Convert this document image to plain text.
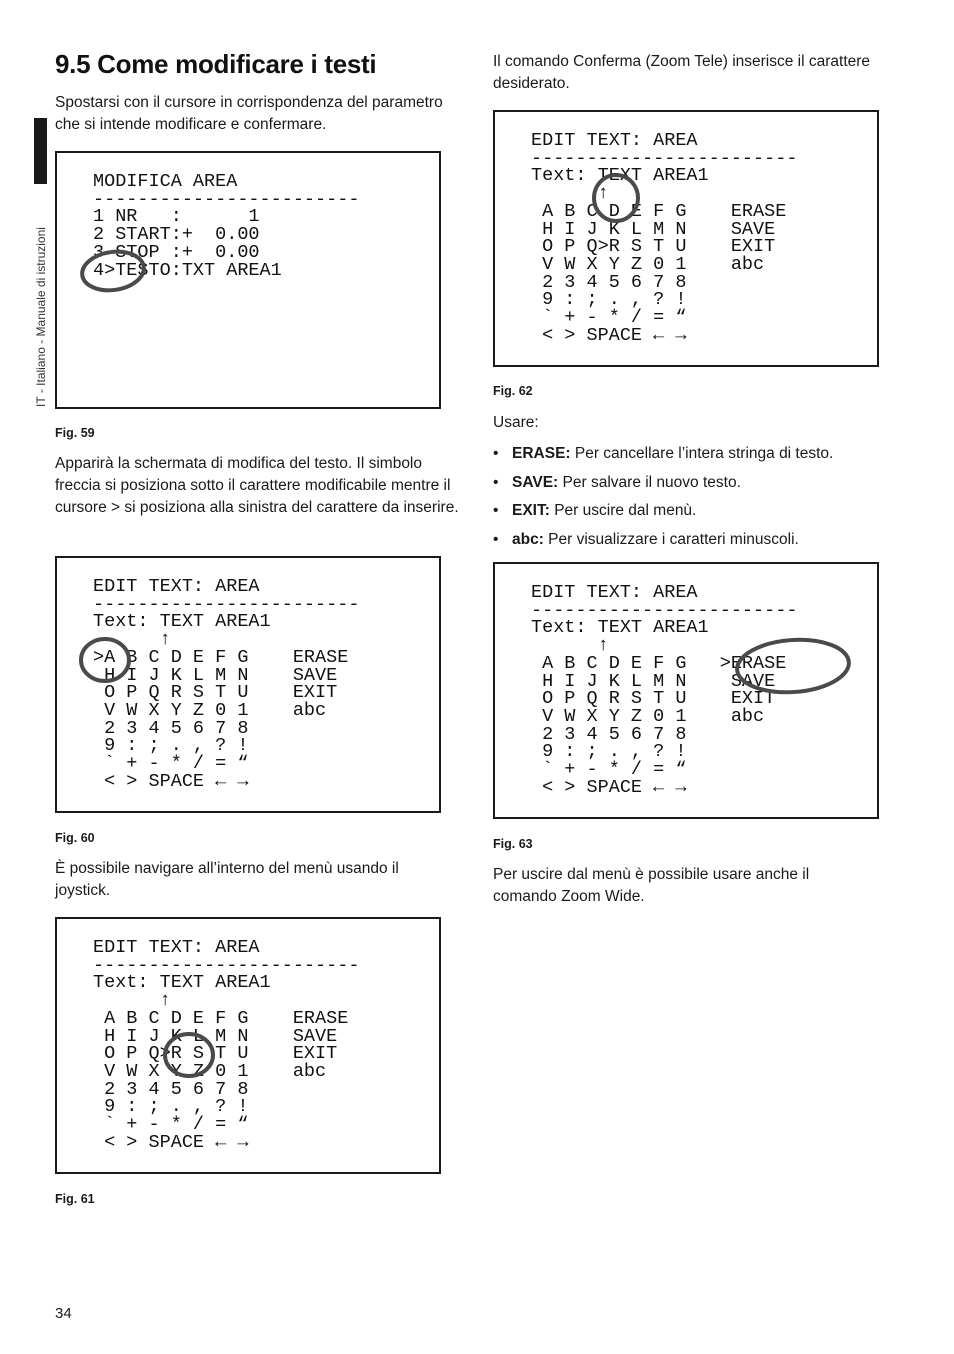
IT - Italiano - Manuale di istruzioni
9.5 Come modificare i testi

Spostarsi con il cursore in corrispondenza del parametro che si intende modificare e confermare.

MODIFICA AREA
------------------------
1 NR   :      1
2 START:+  0.00
3 STOP :+  0.00
4>TESTO:TXT AREA1
Fig. 59

Apparirà la schermata di modifica del testo. Il simbolo freccia si posiziona sotto il carattere modificabile mentre il cursore > si posiziona alla sinistra del carattere da inserire.

EDIT TEXT: AREA
------------------------
Text: TEXT AREA1
↑
>A B C D E F G    ERASE
H I J K L M N    SAVE
O P Q R S T U    EXIT
V W X Y Z 0 1    abc
2 3 4 5 6 7 8
9 : ; . , ? !
` + - * / = “
< > SPACE ← →
Fig. 60

È possibile navigare all’interno del menù usando il joystick.

EDIT TEXT: AREA
------------------------
Text: TEXT AREA1
↑
A B C D E F G    ERASE
H I J K L M N    SAVE
O P Q>R S T U    EXIT
V W X Y Z 0 1    abc
2 3 4 5 6 7 8
9 : ; . , ? !
` + - * / = “
< > SPACE ← →
Fig. 61

Il comando Conferma (Zoom Tele) inserisce il carattere desiderato.

EDIT TEXT: AREA
------------------------
Text: TEXT AREA1
↑
A B C D E F G    ERASE
H I J K L M N    SAVE
O P Q>R S T U    EXIT
V W X Y Z 0 1    abc
2 3 4 5 6 7 8
9 : ; . , ? !
` + - * / = “
< > SPACE ← →
Fig. 62

Usare:

• ERASE: Per cancellare l’intera stringa di testo.
• SAVE: Per salvare il nuovo testo.
• EXIT: Per uscire dal menù.
• abc: Per visualizzare i caratteri minuscoli.
EDIT TEXT: AREA
------------------------
Text: TEXT AREA1
↑
A B C D E F G   >ERASE
H I J K L M N    SAVE
O P Q R S T U    EXIT
V W X Y Z 0 1    abc
2 3 4 5 6 7 8
9 : ; . , ? !
` + - * / = “
< > SPACE ← →
Fig. 63

Per uscire dal menù è possibile usare anche il comando Zoom Wide.

34
